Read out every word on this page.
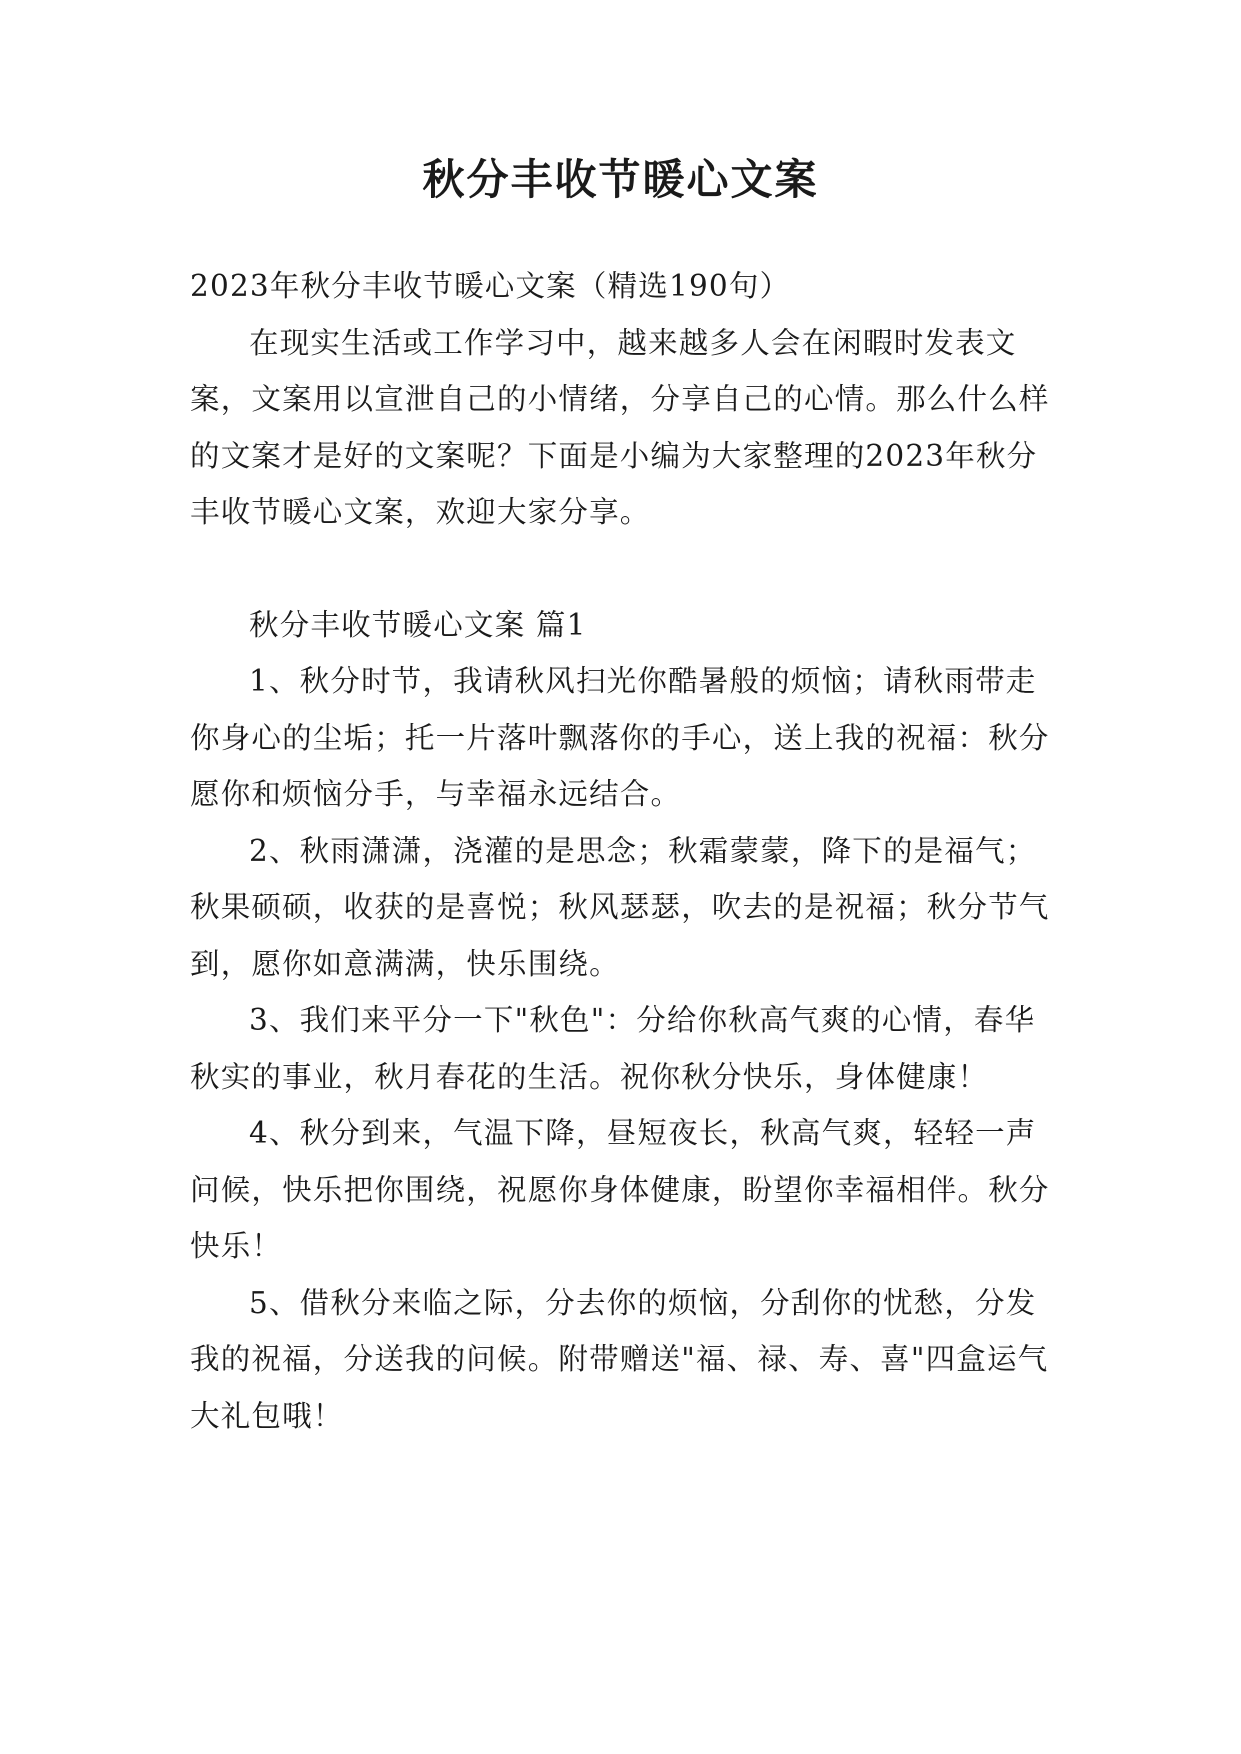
秋分丰收节暖心文案

2023年秋分丰收节暖心文案（精选190句）

在现实生活或工作学习中，越来越多人会在闲暇时发表文案，文案用以宣泄自己的小情绪，分享自己的心情。那么什么样的文案才是好的文案呢？下面是小编为大家整理的2023年秋分丰收节暖心文案，欢迎大家分享。

秋分丰收节暖心文案 篇1

1、秋分时节，我请秋风扫光你酷暑般的烦恼；请秋雨带走你身心的尘垢；托一片落叶飘落你的手心，送上我的祝福：秋分愿你和烦恼分手，与幸福永远结合。

2、秋雨潇潇，浇灌的是思念；秋霜蒙蒙，降下的是福气；秋果硕硕，收获的是喜悦；秋风瑟瑟，吹去的是祝福；秋分节气到，愿你如意满满，快乐围绕。

3、我们来平分一下"秋色"：分给你秋高气爽的心情，春华秋实的事业，秋月春花的生活。祝你秋分快乐，身体健康！

4、秋分到来，气温下降，昼短夜长，秋高气爽，轻轻一声问候，快乐把你围绕，祝愿你身体健康，盼望你幸福相伴。秋分快乐！

5、借秋分来临之际，分去你的烦恼，分刮你的忧愁，分发我的祝福，分送我的问候。附带赠送"福、禄、寿、喜"四盒运气大礼包哦！
